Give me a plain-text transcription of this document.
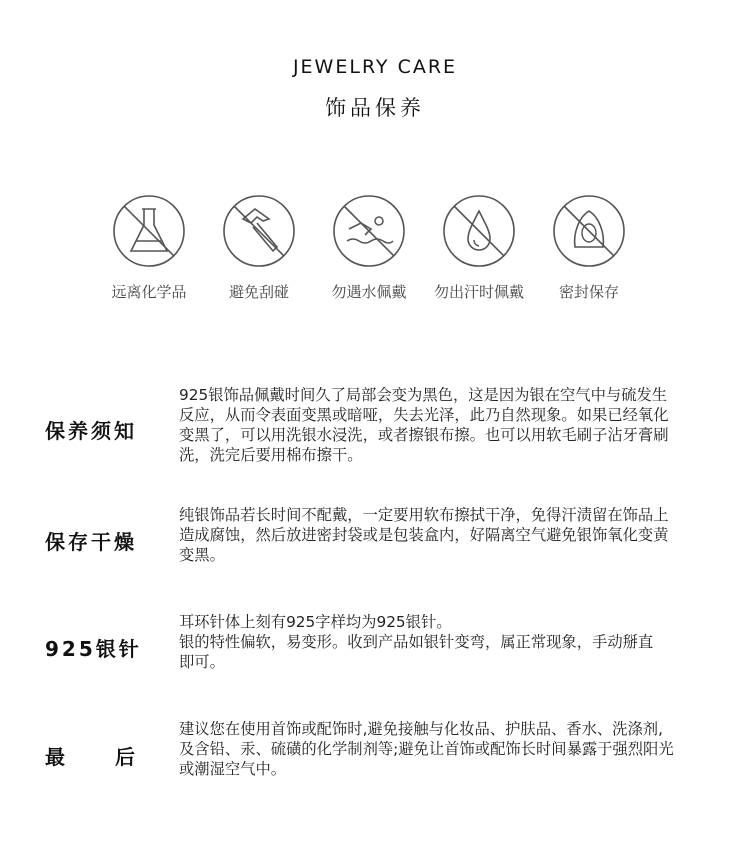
JEWELRY CARE
饰品保养
远离化学品	避免刮碰	勿遇水佩戴	勿出汗时佩戴	密封保存
保养须知
925银饰品佩戴时间久了局部会变为黑色，这是因为银在空气中与硫发生
反应，从而令表面变黑或暗哑，失去光泽，此乃自然现象。如果已经氧化
变黑了，可以用洗银水浸洗，或者擦银布擦。也可以用软毛刷子沾牙膏刷
洗，洗完后要用棉布擦干。
保存干燥
纯银饰品若长时间不配戴，一定要用软布擦拭干净，免得汗渍留在饰品上
造成腐蚀，然后放进密封袋或是包装盒内，好隔离空气避免银饰氧化变黄
变黑。
925银针
耳环针体上刻有925字样均为925银针。
银的特性偏软，易变形。收到产品如银针变弯，属正常现象，手动掰直
即可。
最	后
建议您在使用首饰或配饰时,避免接触与化妆品、护肤品、香水、洗涤剂,
及含铅、汞、硫磺的化学制剂等;避免让首饰或配饰长时间暴露于强烈阳光
或潮湿空气中。
